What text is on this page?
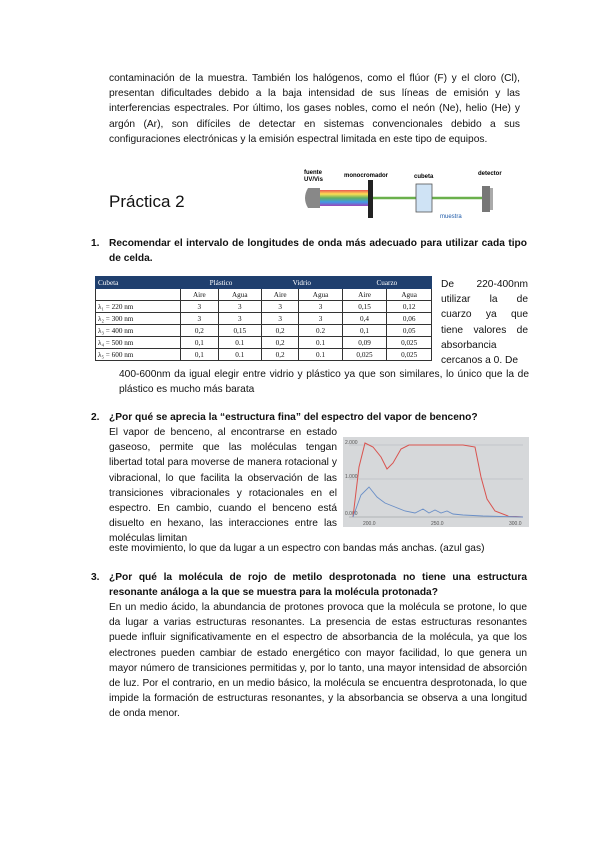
contaminación de la muestra. También los halógenos, como el flúor (F) y el cloro (Cl), presentan dificultades debido a la baja intensidad de sus líneas de emisión y las interferencias espectrales. Por último, los gases nobles, como el neón (Ne), helio (He) y argón (Ar), son difíciles de detectar en sistemas convencionales debido a sus configuraciones electrónicas y la emisión espectral limitada en este tipo de equipos.
fuente
UV/Vis
monocromador	cubeta	detector
muestra
Práctica 2
1. Recomendar el intervalo de longitudes de onda más adecuado para utilizar cada tipo de celda.
Cubeta	Plástico		Vidrio		Cuarzo	
	Aire	Agua	Aire	Agua	Aire	Agua
λ₁ = 220 nm	3	3	3	3	0,15	0,12
λ₂ = 300 nm	3	3	3	3	0,4	0,06
λ₃ = 400 nm	0,2	0,15	0,2	0.2	0,1	0,05
λ₄ = 500 nm	0,1	0.1	0,2	0.1	0,09	0,025
λ₅ = 600 nm	0,1	0.1	0,2	0.1	0,025	0,025
De 220-400nm utilizar la de cuarzo ya que tiene valores de absorbancia cercanos a 0. De
400-600nm da igual elegir entre vidrio y plástico ya que son similares, lo único que la de plástico es mucho más barata
2. ¿Por qué se aprecia la “estructura fina” del espectro del vapor de benceno?
El vapor de benceno, al encontrarse en estado gaseoso, permite que las moléculas tengan libertad total para moverse de manera rotacional y vibracional, lo que facilita la observación de las transiciones vibracionales y rotacionales en el espectro. En cambio, cuando el benceno está disuelto en hexano, las interacciones entre las moléculas limitan
2.000
1.000
0.000
200.0	250.0	300.0
este movimiento, lo que da lugar a un espectro con bandas más anchas. (azul gas)
3. ¿Por qué la molécula de rojo de metilo desprotonada no tiene una estructura resonante análoga a la que se muestra para la molécula protonada?
En un medio ácido, la abundancia de protones provoca que la molécula se protone, lo que da lugar a varias estructuras resonantes. La presencia de estas estructuras resonantes puede influir significativamente en el espectro de absorbancia de la molécula, ya que los electrones pueden cambiar de estado energético con mayor facilidad, lo que genera un mayor número de transiciones permitidas y, por lo tanto, una mayor intensidad de absorción de luz. Por el contrario, en un medio básico, la molécula se encuentra desprotonada, lo que impide la formación de estructuras resonantes, y la absorbancia se observa a una longitud de onda menor.
